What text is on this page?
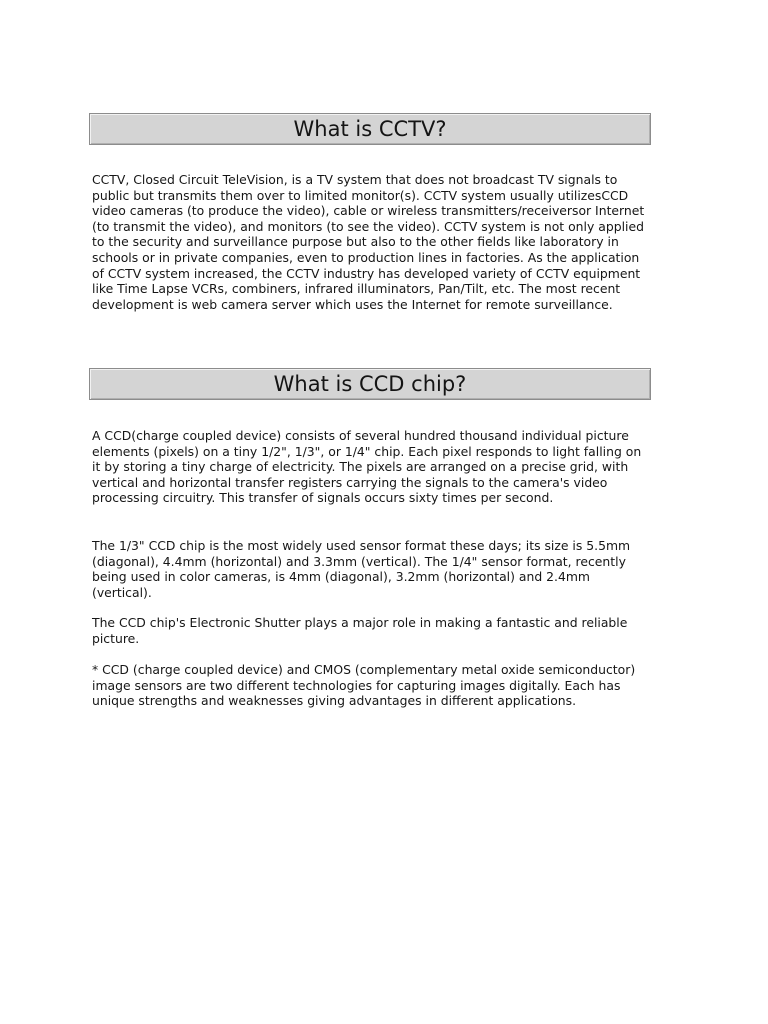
What is CCTV?

CCTV, Closed Circuit TeleVision, is a TV system that does not broadcast TV signals to public but transmits them over to limited monitor(s). CCTV system usually utilizesCCD video cameras (to produce the video), cable or wireless transmitters/receiversor Internet (to transmit the video), and monitors (to see the video). CCTV system is not only applied to the security and surveillance purpose but also to the other fields like laboratory in schools or in private companies, even to production lines in factories. As the application of CCTV system increased, the CCTV industry has developed variety of CCTV equipment like Time Lapse VCRs, combiners, infrared illuminators, Pan/Tilt, etc. The most recent development is web camera server which uses the Internet for remote surveillance.

What is CCD chip?

A CCD(charge coupled device) consists of several hundred thousand individual picture elements (pixels) on a tiny 1/2", 1/3", or 1/4" chip. Each pixel responds to light falling on it by storing a tiny charge of electricity. The pixels are arranged on a precise grid, with vertical and horizontal transfer registers carrying the signals to the camera's video processing circuitry. This transfer of signals occurs sixty times per second.

The 1/3" CCD chip is the most widely used sensor format these days; its size is 5.5mm (diagonal), 4.4mm (horizontal) and 3.3mm (vertical). The 1/4" sensor format, recently being used in color cameras, is 4mm (diagonal), 3.2mm (horizontal) and 2.4mm (vertical).

The CCD chip's Electronic Shutter plays a major role in making a fantastic and reliable picture.

* CCD (charge coupled device) and CMOS (complementary metal oxide semiconductor) image sensors are two different technologies for capturing images digitally. Each has unique strengths and weaknesses giving advantages in different applications.
